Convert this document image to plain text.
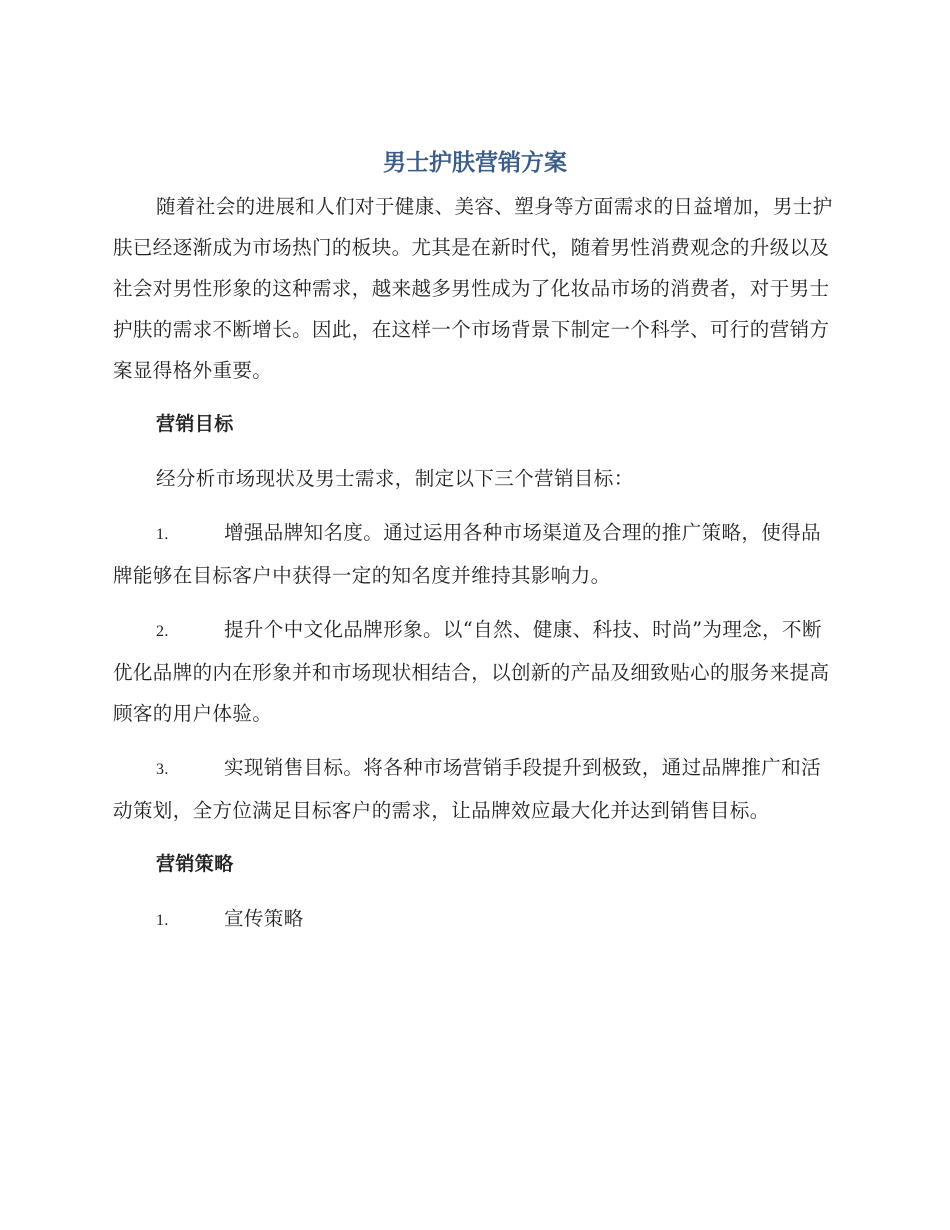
男士护肤营销方案

随着社会的进展和人们对于健康、美容、塑身等方面需求的日益增加，男士护肤已经逐渐成为市场热门的板块。尤其是在新时代，随着男性消费观念的升级以及社会对男性形象的这种需求，越来越多男性成为了化妆品市场的消费者，对于男士护肤的需求不断增长。因此，在这样一个市场背景下制定一个科学、可行的营销方案显得格外重要。

营销目标

经分析市场现状及男士需求，制定以下三个营销目标：

1.	增强品牌知名度。通过运用各种市场渠道及合理的推广策略，使得品牌能够在目标客户中获得一定的知名度并维持其影响力。

2.	提升个中文化品牌形象。以“自然、健康、科技、时尚”为理念，不断优化品牌的内在形象并和市场现状相结合，以创新的产品及细致贴心的服务来提高顾客的用户体验。

3.	实现销售目标。将各种市场营销手段提升到极致，通过品牌推广和活动策划，全方位满足目标客户的需求，让品牌效应最大化并达到销售目标。

营销策略

1.	宣传策略
